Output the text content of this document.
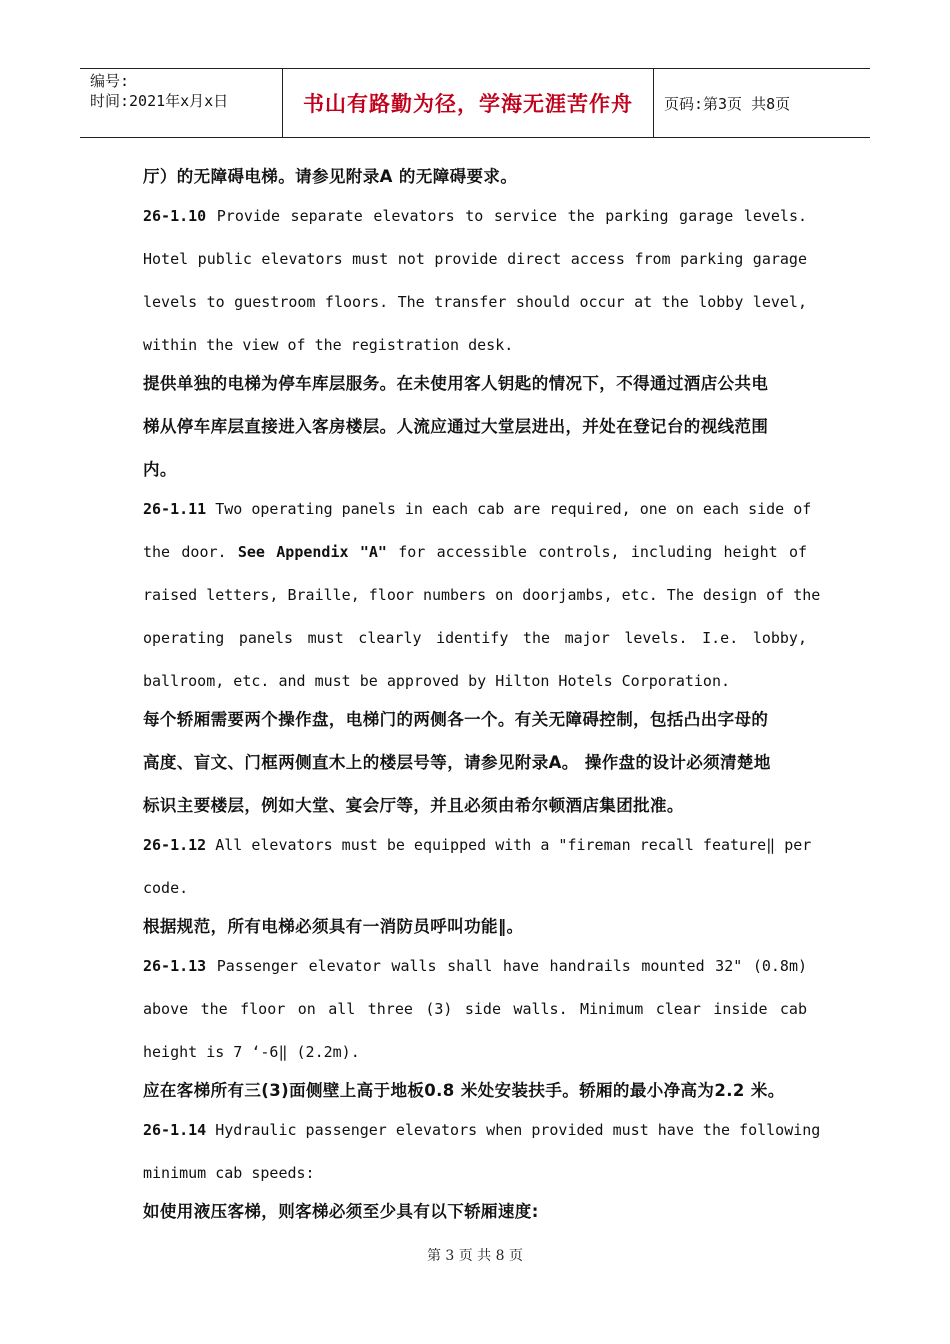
编号:
时间:2021年x月x日	书山有路勤为径，学海无涯苦作舟 页码:第3页 共8页
厅）的无障碍电梯。请参见附录A 的无障碍要求。
26-1.10 Provide separate elevators to service the parking garage levels.
Hotel public elevators must not provide direct access from parking garage
levels to guestroom floors. The transfer should occur at the lobby level,
within the view of the registration desk.
提供单独的电梯为停车库层服务。在未使用客人钥匙的情况下，不得通过酒店公共电
梯从停车库层直接进入客房楼层。人流应通过大堂层进出，并处在登记台的视线范围
内。
26-1.11 Two operating panels in each cab are required, one on each side of
the door. See Appendix "A" for accessible controls, including height of
raised letters, Braille, floor numbers on doorjambs, etc. The design of the
operating panels must clearly identify the major levels. I.e. lobby,
ballroom, etc. and must be approved by Hilton Hotels Corporation.
每个轿厢需要两个操作盘，电梯门的两侧各一个。有关无障碍控制，包括凸出字母的
高度、盲文、门框两侧直木上的楼层号等，请参见附录A。 操作盘的设计必须清楚地
标识主要楼层，例如大堂、宴会厅等，并且必须由希尔顿酒店集团批准。
26-1.12 All elevators must be equipped with a "fireman recall feature‖ per
code.
根据规范，所有电梯必须具有一消防员呼叫功能‖。
26-1.13 Passenger elevator walls shall have handrails mounted 32" (0.8m)
above the floor on all three (3) side walls. Minimum clear inside cab
height is 7 ‘-6‖ (2.2m).
应在客梯所有三(3)面侧壁上高于地板0.8 米处安装扶手。轿厢的最小净高为2.2 米。
26-1.14 Hydraulic passenger elevators when provided must have the following
minimum cab speeds:
如使用液压客梯，则客梯必须至少具有以下轿厢速度:
第 3 页 共 8 页
